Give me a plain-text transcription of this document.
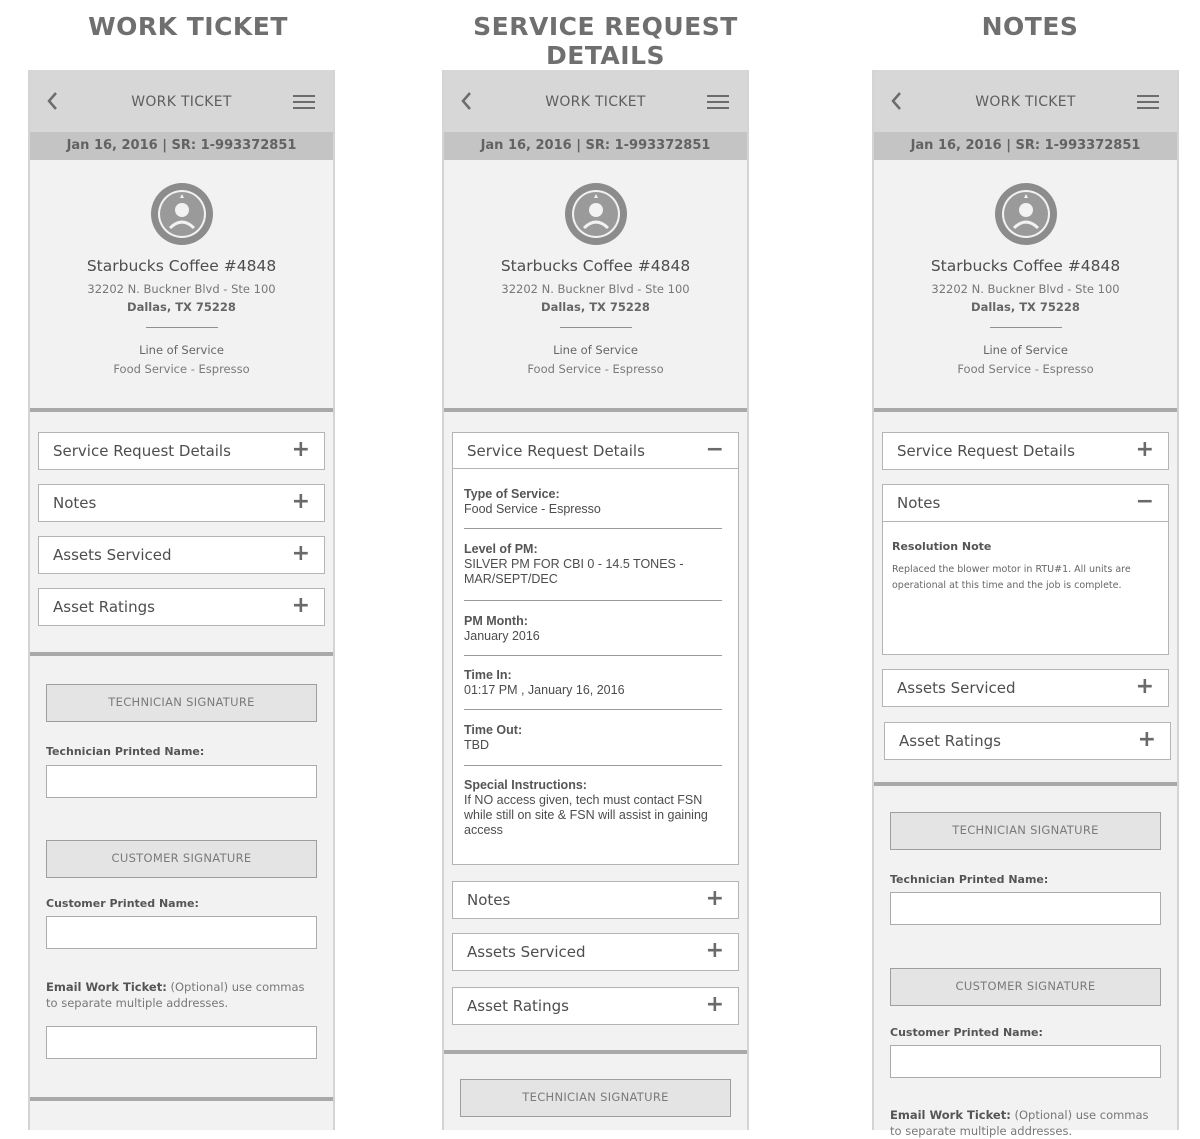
WORK TICKET	SERVICE REQUEST DETAILS
NOTES
WORK TICKET
Jan 16, 2016 | SR: 1-993372851
Starbucks Coffee #4848
32202 N. Buckner Blvd - Ste 100
Dallas, TX 75228
Line of Service
Food Service - Espresso
Service Request Details	+
Notes	+
Assets Serviced	+
Asset Ratings	+
TECHNICIAN SIGNATURE
Technician Printed Name:
CUSTOMER SIGNATURE
Customer Printed Name:
Email Work Ticket: (Optional) use commas to separate multiple addresses.
WORK TICKET
Jan 16, 2016 | SR: 1-993372851
Starbucks Coffee #4848
32202 N. Buckner Blvd - Ste 100
Dallas, TX 75228
Line of Service
Food Service - Espresso
Service Request Details	−
Type of Service:
Food Service - Espresso
Level of PM:
SILVER PM FOR CBI 0 - 14.5 TONES - MAR/SEPT/DEC
PM Month:
January 2016
Time In:
01:17 PM , January 16, 2016
Time Out:
TBD
Special Instructions:
If NO access given, tech must contact FSN while still on site & FSN will assist in gaining access
Notes	+
Assets Serviced	+
Asset Ratings	+
TECHNICIAN SIGNATURE
WORK TICKET
Jan 16, 2016 | SR: 1-993372851
Starbucks Coffee #4848
32202 N. Buckner Blvd - Ste 100
Dallas, TX 75228
Line of Service
Food Service - Espresso
Service Request Details	+
Notes	−
Resolution Note
Replaced the blower motor in RTU#1. All units are operational at this time and the job is complete.
Assets Serviced	+
Asset Ratings	+
TECHNICIAN SIGNATURE
Technician Printed Name:
CUSTOMER SIGNATURE
Customer Printed Name:
Email Work Ticket: (Optional) use commas to separate multiple addresses.
